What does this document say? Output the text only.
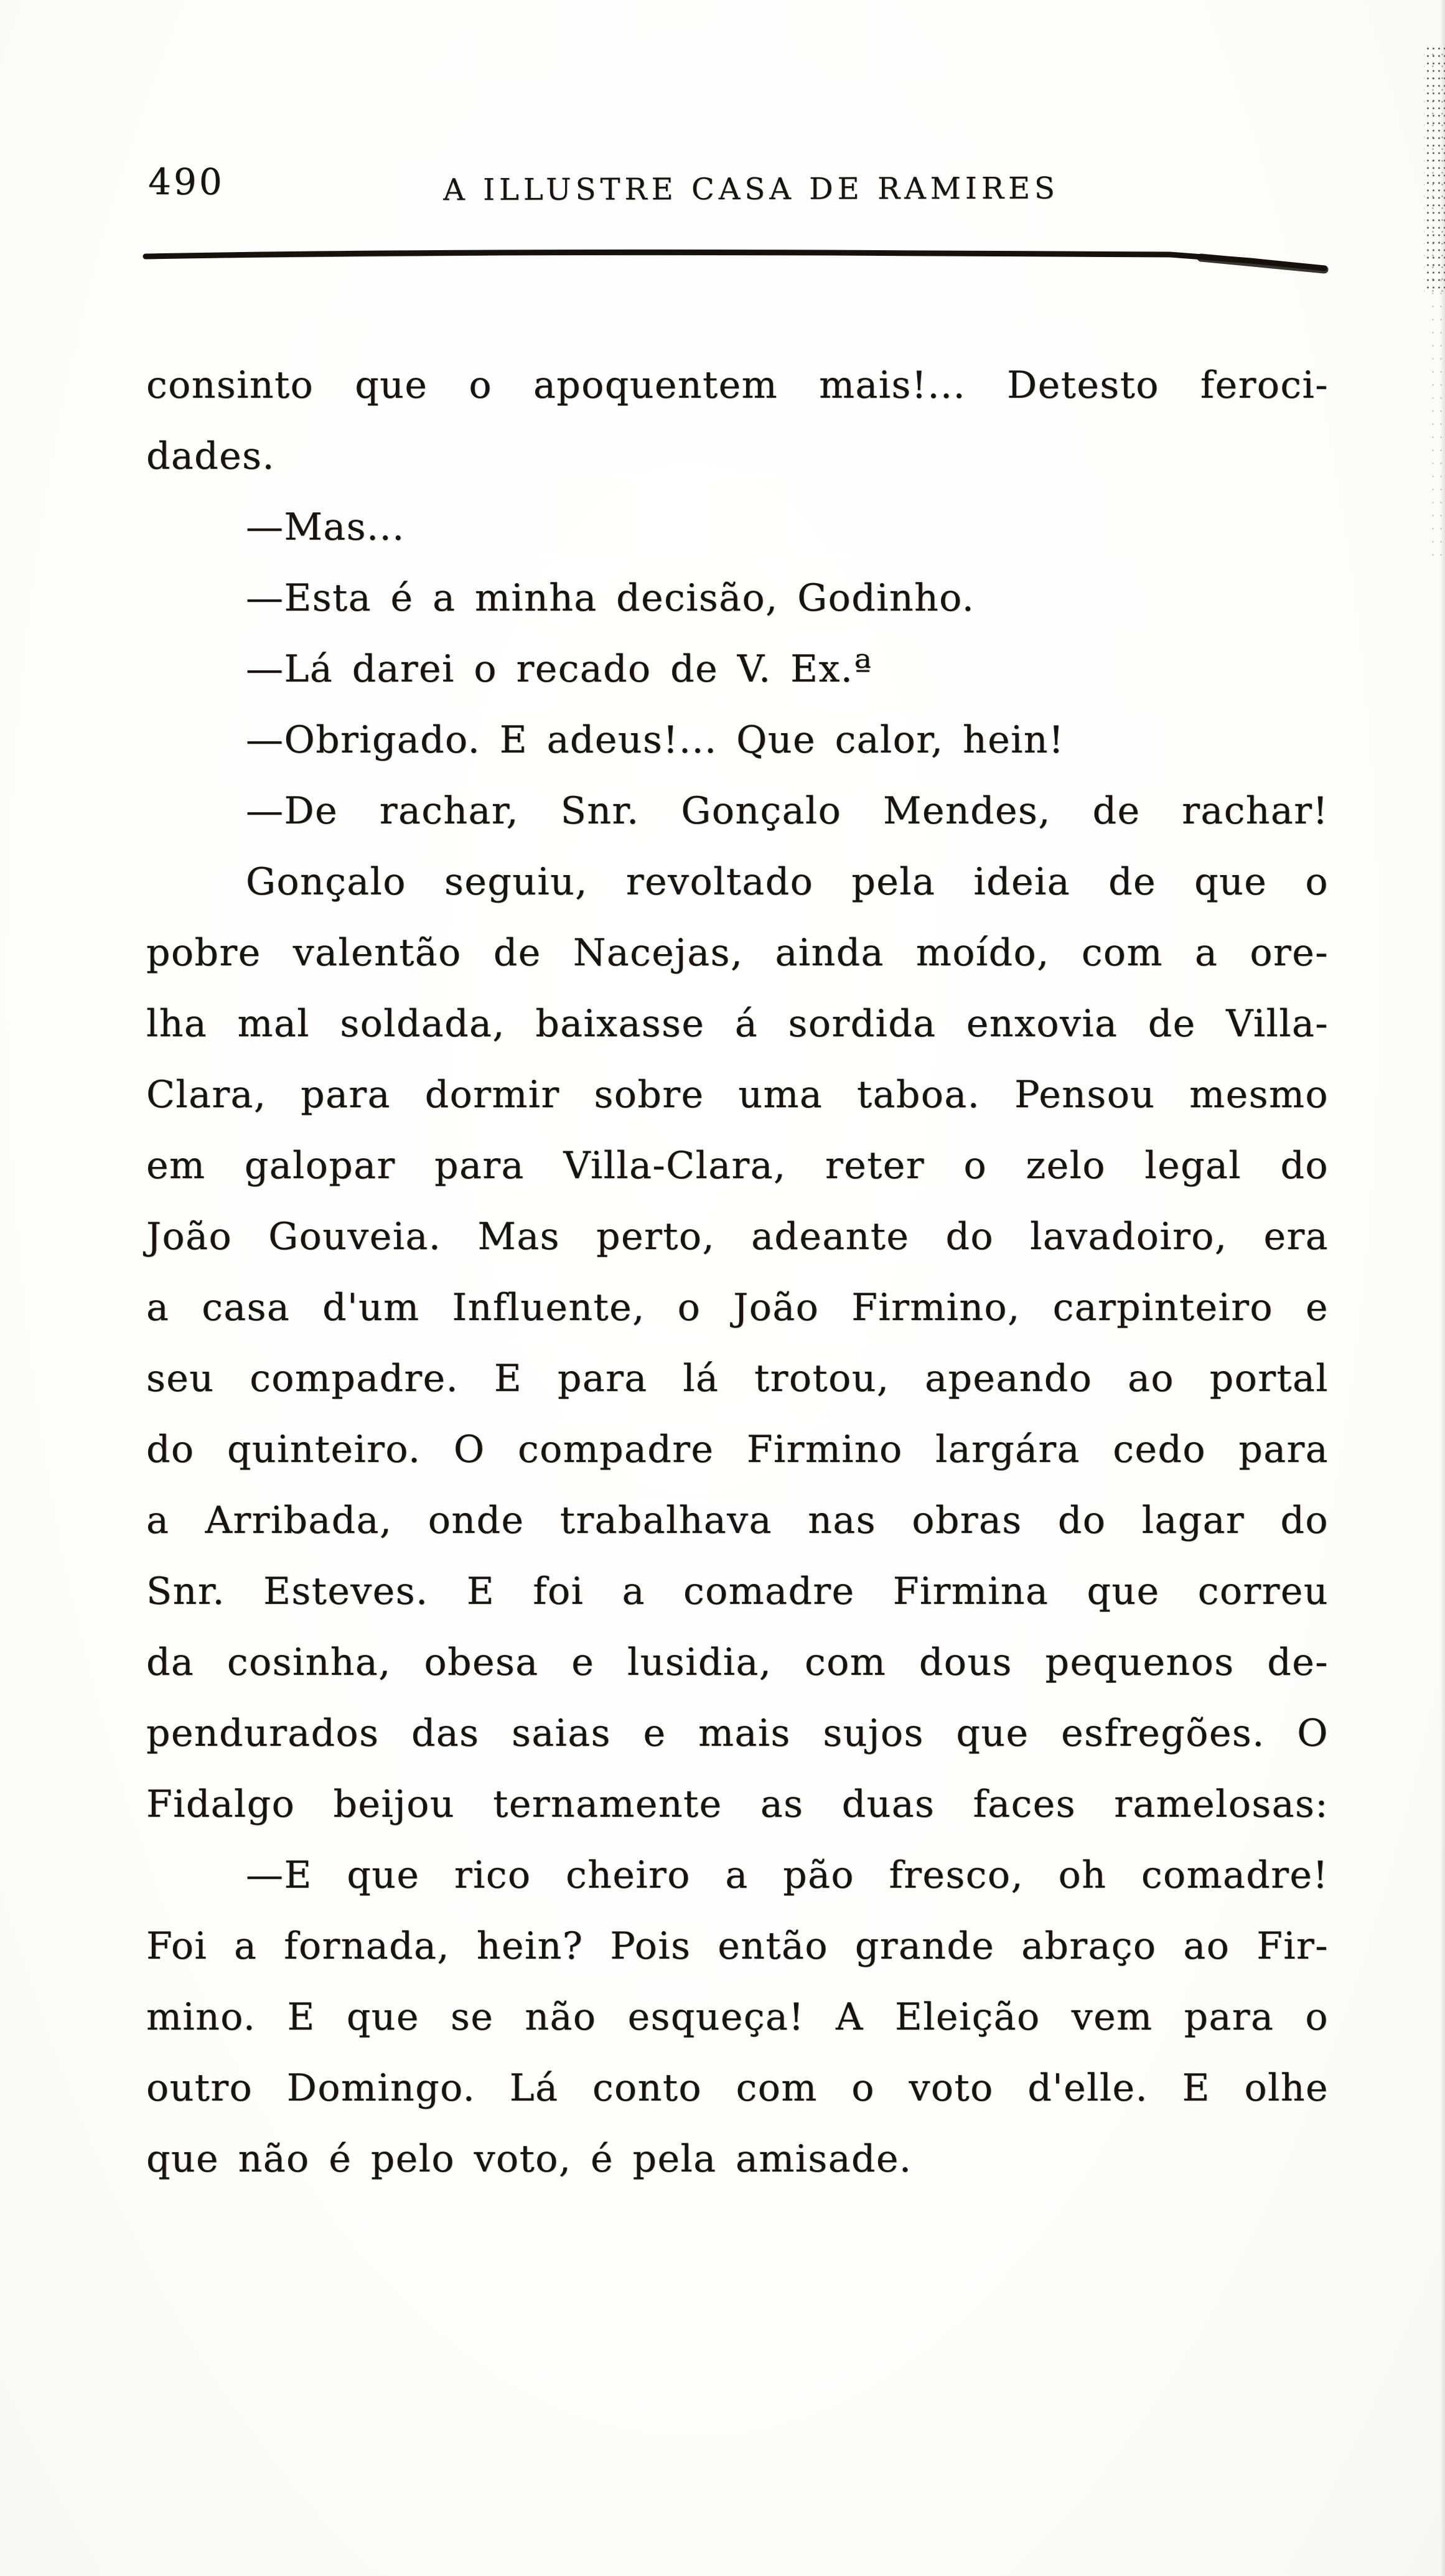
490	A ILLUSTRE CASA DE RAMIRES
consinto que o apoquentem mais!... Detesto feroci-
dades.
—Mas...
—Esta é a minha decisão, Godinho.
—Lá darei o recado de V. Ex.ª
—Obrigado. E adeus!... Que calor, hein!
—De rachar, Snr. Gonçalo Mendes, de rachar!
Gonçalo seguiu, revoltado pela ideia de que o
pobre valentão de Nacejas, ainda moído, com a ore-
lha mal soldada, baixasse á sordida enxovia de Villa-
Clara, para dormir sobre uma taboa. Pensou mesmo
em galopar para Villa-Clara, reter o zelo legal do
João Gouveia. Mas perto, adeante do lavadoiro, era
a casa d'um Influente, o João Firmino, carpinteiro e
seu compadre. E para lá trotou, apeando ao portal
do quinteiro. O compadre Firmino largára cedo para
a Arribada, onde trabalhava nas obras do lagar do
Snr. Esteves. E foi a comadre Firmina que correu
da cosinha, obesa e lusidia, com dous pequenos de-
pendurados das saias e mais sujos que esfregões. O
Fidalgo beijou ternamente as duas faces ramelosas:
—E que rico cheiro a pão fresco, oh comadre!
Foi a fornada, hein? Pois então grande abraço ao Fir-
mino. E que se não esqueça! A Eleição vem para o
outro Domingo. Lá conto com o voto d'elle. E olhe
que não é pelo voto, é pela amisade.
